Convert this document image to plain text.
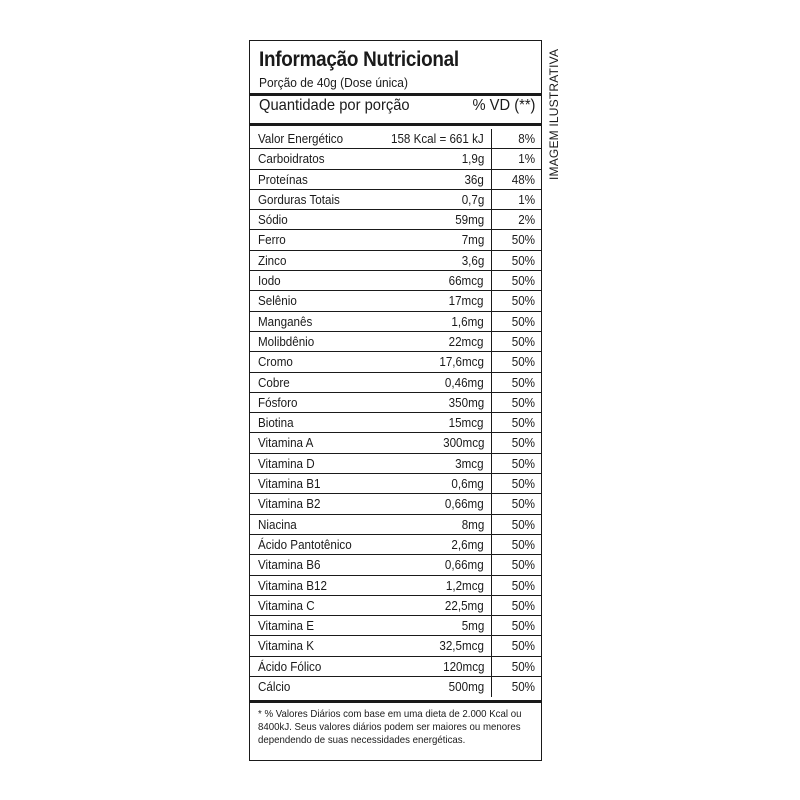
Informação Nutricional
Porção de 40g (Dose única)
Quantidade por porção	% VD (**)
Valor Energético	158 Kcal = 661 kJ	8%
Carboidratos	1,9g	1%
Proteínas	36g 48%
Gorduras Totais	0,7g	1%
Sódio	59mg	2%
Ferro	7mg 50%
Zinco	3,6g 50%
Iodo	66mcg 50%
Selênio	17mcg 50%
Manganês	1,6mg 50%
Molibdênio	22mcg 50%
Cromo	17,6mcg 50%
Cobre	0,46mg 50%
Fósforo	350mg 50%
Biotina	15mcg 50%
Vitamina A	300mcg 50%
Vitamina D	3mcg 50%
Vitamina B1	0,6mg 50%
Vitamina B2	0,66mg 50%
Niacina	8mg 50%
Ácido Pantotênico	2,6mg 50%
Vitamina B6	0,66mg 50%
Vitamina B12	1,2mcg 50%
Vitamina C	22,5mg 50%
Vitamina E	5mg 50%
Vitamina K	32,5mcg 50%
Ácido Fólico	120mcg 50%
Cálcio	500mg 50%
* % Valores Diários com base em uma dieta de 2.000 Kcal ou 8400kJ. Seus valores diários podem ser maiores ou menores dependendo de suas necessidades energéticas.
IMAGEM ILUSTRATIVA
